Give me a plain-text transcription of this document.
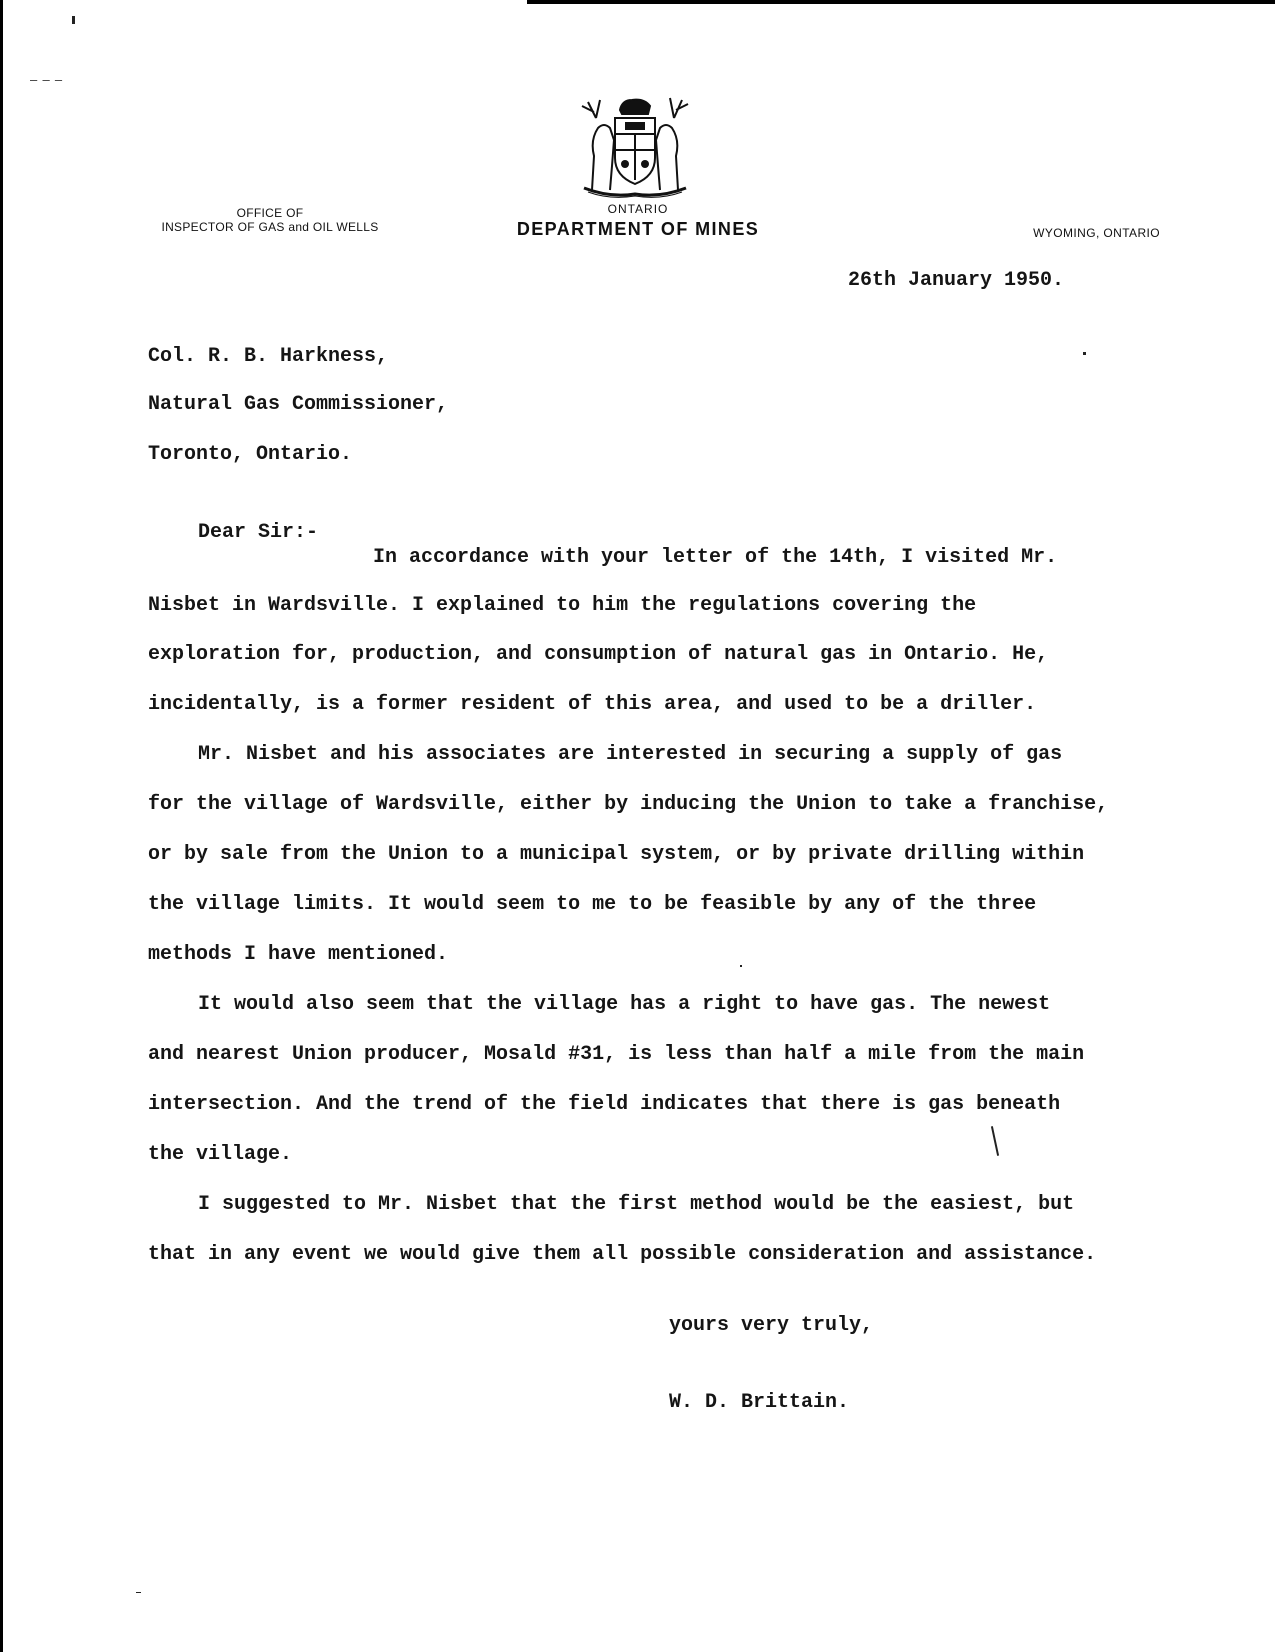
— — —
OFFICE OF
INSPECTOR OF GAS and OIL WELLS
ONTARIO
DEPARTMENT OF MINES	WYOMING, ONTARIO
26th January 1950.
Col. R. B. Harkness,
Natural Gas Commissioner,
Toronto, Ontario.
Dear Sir:-
In accordance with your letter of the 14th, I visited Mr.
Nisbet in Wardsville. I explained to him the regulations covering the
exploration for, production, and consumption of natural gas in Ontario. He,
incidentally, is a former resident of this area, and used to be a driller.
Mr. Nisbet and his associates are interested in securing a supply of gas
for the village of Wardsville, either by inducing the Union to take a franchise,
or by sale from the Union to a municipal system, or by private drilling within
the village limits. It would seem to me to be feasible by any of the three
methods I have mentioned.
It would also seem that the village has a right to have gas. The newest
and nearest Union producer, Mosald #31, is less than half a mile from the main
intersection. And the trend of the field indicates that there is gas beneath
the village.
I suggested to Mr. Nisbet that the first method would be the easiest, but
that in any event we would give them all possible consideration and assistance.
yours very truly,
W. D. Brittain.
